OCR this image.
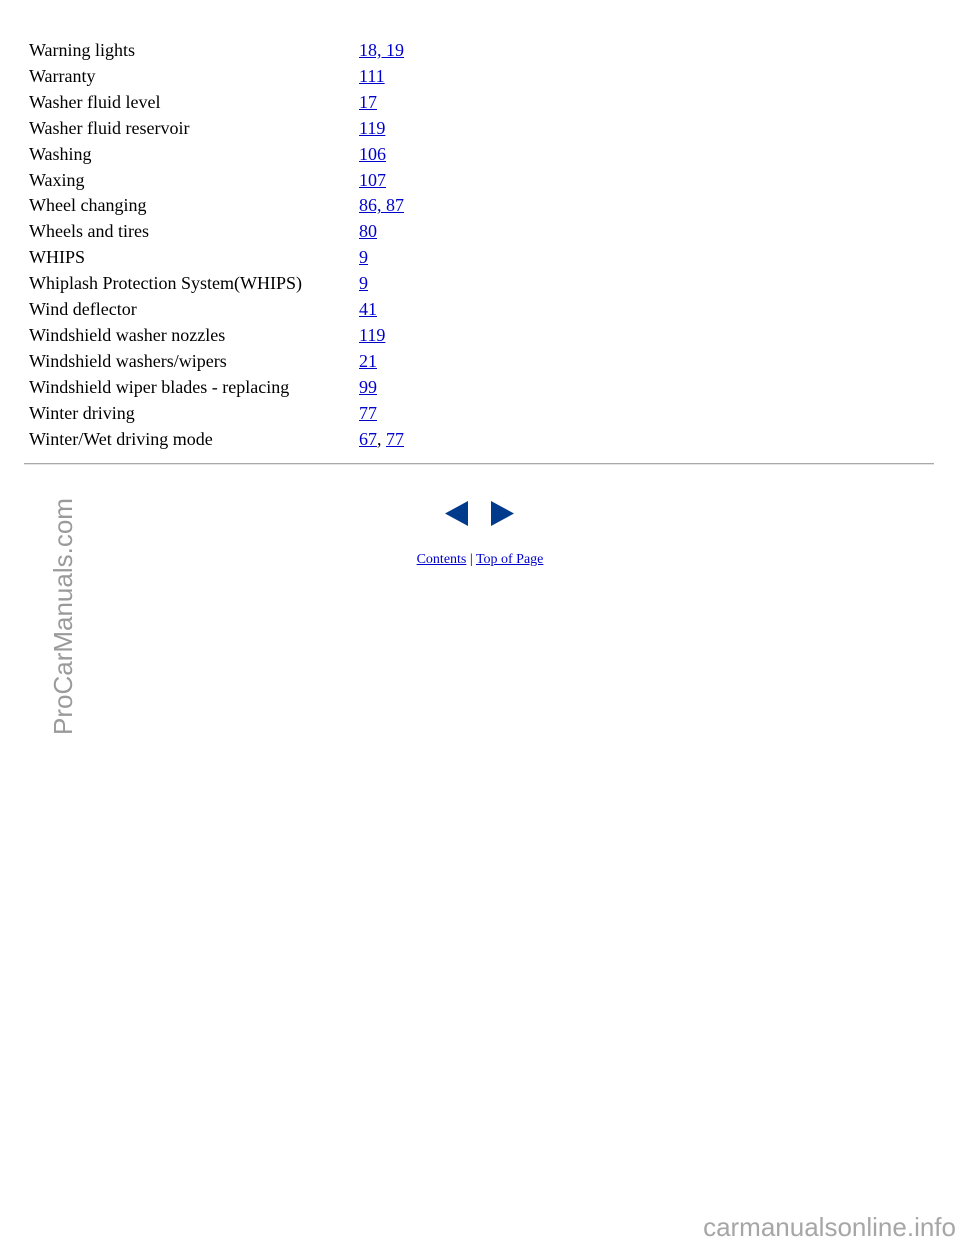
ProCarManuals.com
Warning lights	18, 19
Warranty	111
Washer fluid level	17
Washer fluid reservoir	119
Washing	106
Waxing	107
Wheel changing	86, 87
Wheels and tires	80
WHIPS	9
Whiplash Protection System(WHIPS)	9
Wind deflector	41
Windshield washer nozzles	119
Windshield washers/wipers	21
Windshield wiper blades - replacing	99
Winter driving	77
Winter/Wet driving mode	67, 77
Contents | Top of Page
carmanualsonline.info
